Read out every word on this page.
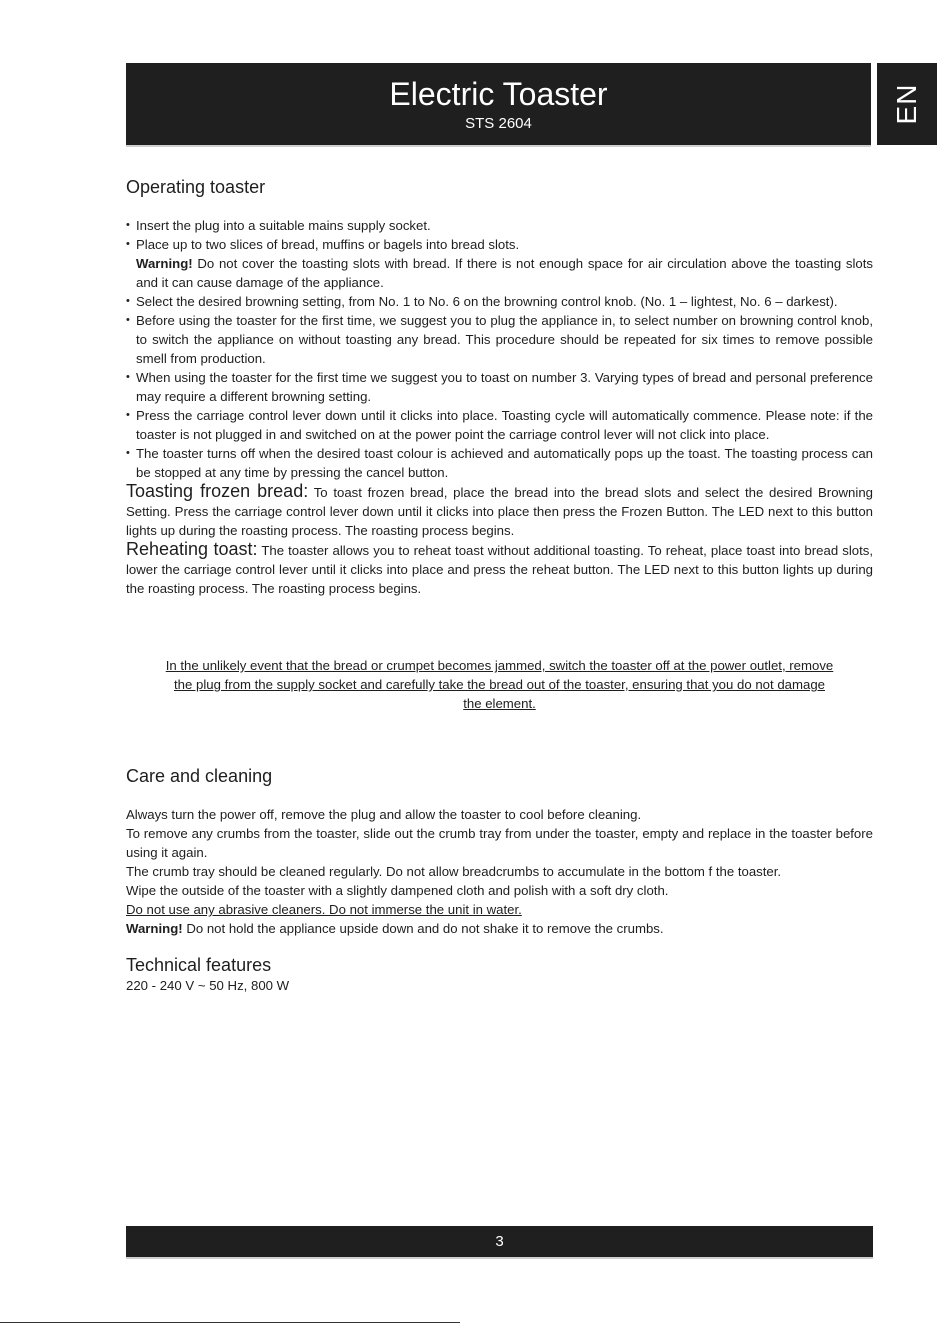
Electric Toaster
STS 2604	EN
Operating toaster
• Insert the plug into a suitable mains supply socket.
• Place up to two slices of bread, muffins or bagels into bread slots.
Warning! Do not cover the toasting slots with bread. If there is not enough space for air circulation above the toasting slots and it can cause damage of the appliance.
• Select the desired browning setting, from No. 1 to No. 6 on the browning control knob. (No. 1 – lightest, No. 6 – darkest).
• Before using the toaster for the first time, we suggest you to plug the appliance in, to select number on browning control knob, to switch the appliance on without toasting any bread. This procedure should be repeated for six times to remove possible smell from production.
• When using the toaster for the first time we suggest you to toast on number 3. Varying types of bread and personal preference may require a different browning setting.
• Press the carriage control lever down until it clicks into place. Toasting cycle will automatically commence. Please note: if the toaster is not plugged in and switched on at the power point the carriage control lever will not click into place.
• The toaster turns off when the desired toast colour is achieved and automatically pops up the toast. The toasting process can be stopped at any time by pressing the cancel button.

Toasting frozen bread: To toast frozen bread, place the bread into the bread slots and select the desired Browning Setting. Press the carriage control lever down until it clicks into place then press the Frozen Button. The LED next to this button lights up during the roasting process. The roasting process begins.

Reheating toast: The toaster allows you to reheat toast without additional toasting. To reheat, place toast into bread slots, lower the carriage control lever until it clicks into place and press the reheat button. The LED next to this button lights up during the roasting process. The roasting process begins.

In the unlikely event that the bread or crumpet becomes jammed, switch the toaster off at the power outlet, remove the plug from the supply socket and carefully take the bread out of the toaster, ensuring that you do not damage the element.

Care and cleaning

Always turn the power off, remove the plug and allow the toaster to cool before cleaning.

To remove any crumbs from the toaster, slide out the crumb tray from under the toaster, empty and replace in the toaster before using it again.

The crumb tray should be cleaned regularly. Do not allow breadcrumbs to accumulate in the bottom f the toaster.

Wipe the outside of the toaster with a slightly dampened cloth and polish with a soft dry cloth.

Do not use any abrasive cleaners. Do not immerse the unit in water.

Warning! Do not hold the appliance upside down and do not shake it to remove the crumbs.

Technical features

220 - 240 V ~ 50 Hz, 800 W

3
